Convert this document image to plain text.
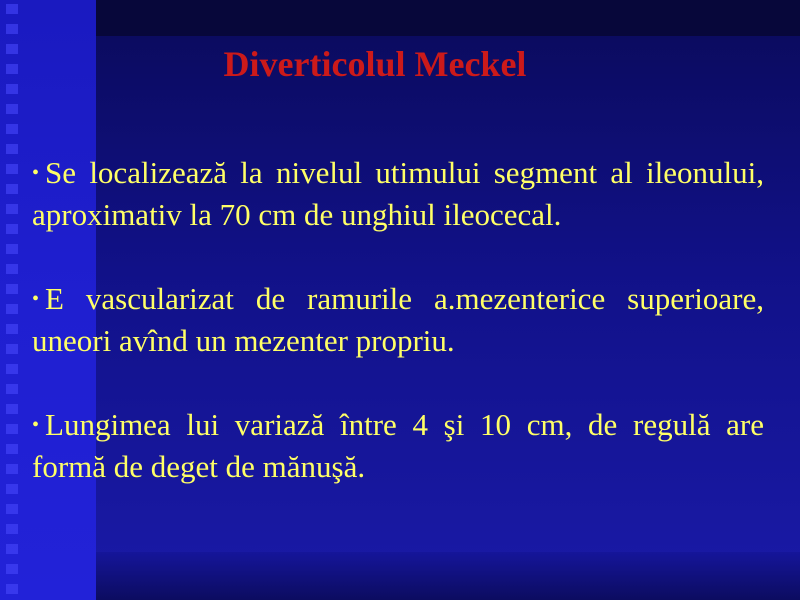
Diverticolul Meckel

• Se localizează la nivelul utimului segment al ileonului, aproximativ la 70 cm de unghiul ileocecal.

• E vascularizat de ramurile a.mezenterice superioare, uneori avînd un mezenter propriu.

• Lungimea lui variază între 4 şi 10 cm, de regulă are formă de deget de mănuşă.
